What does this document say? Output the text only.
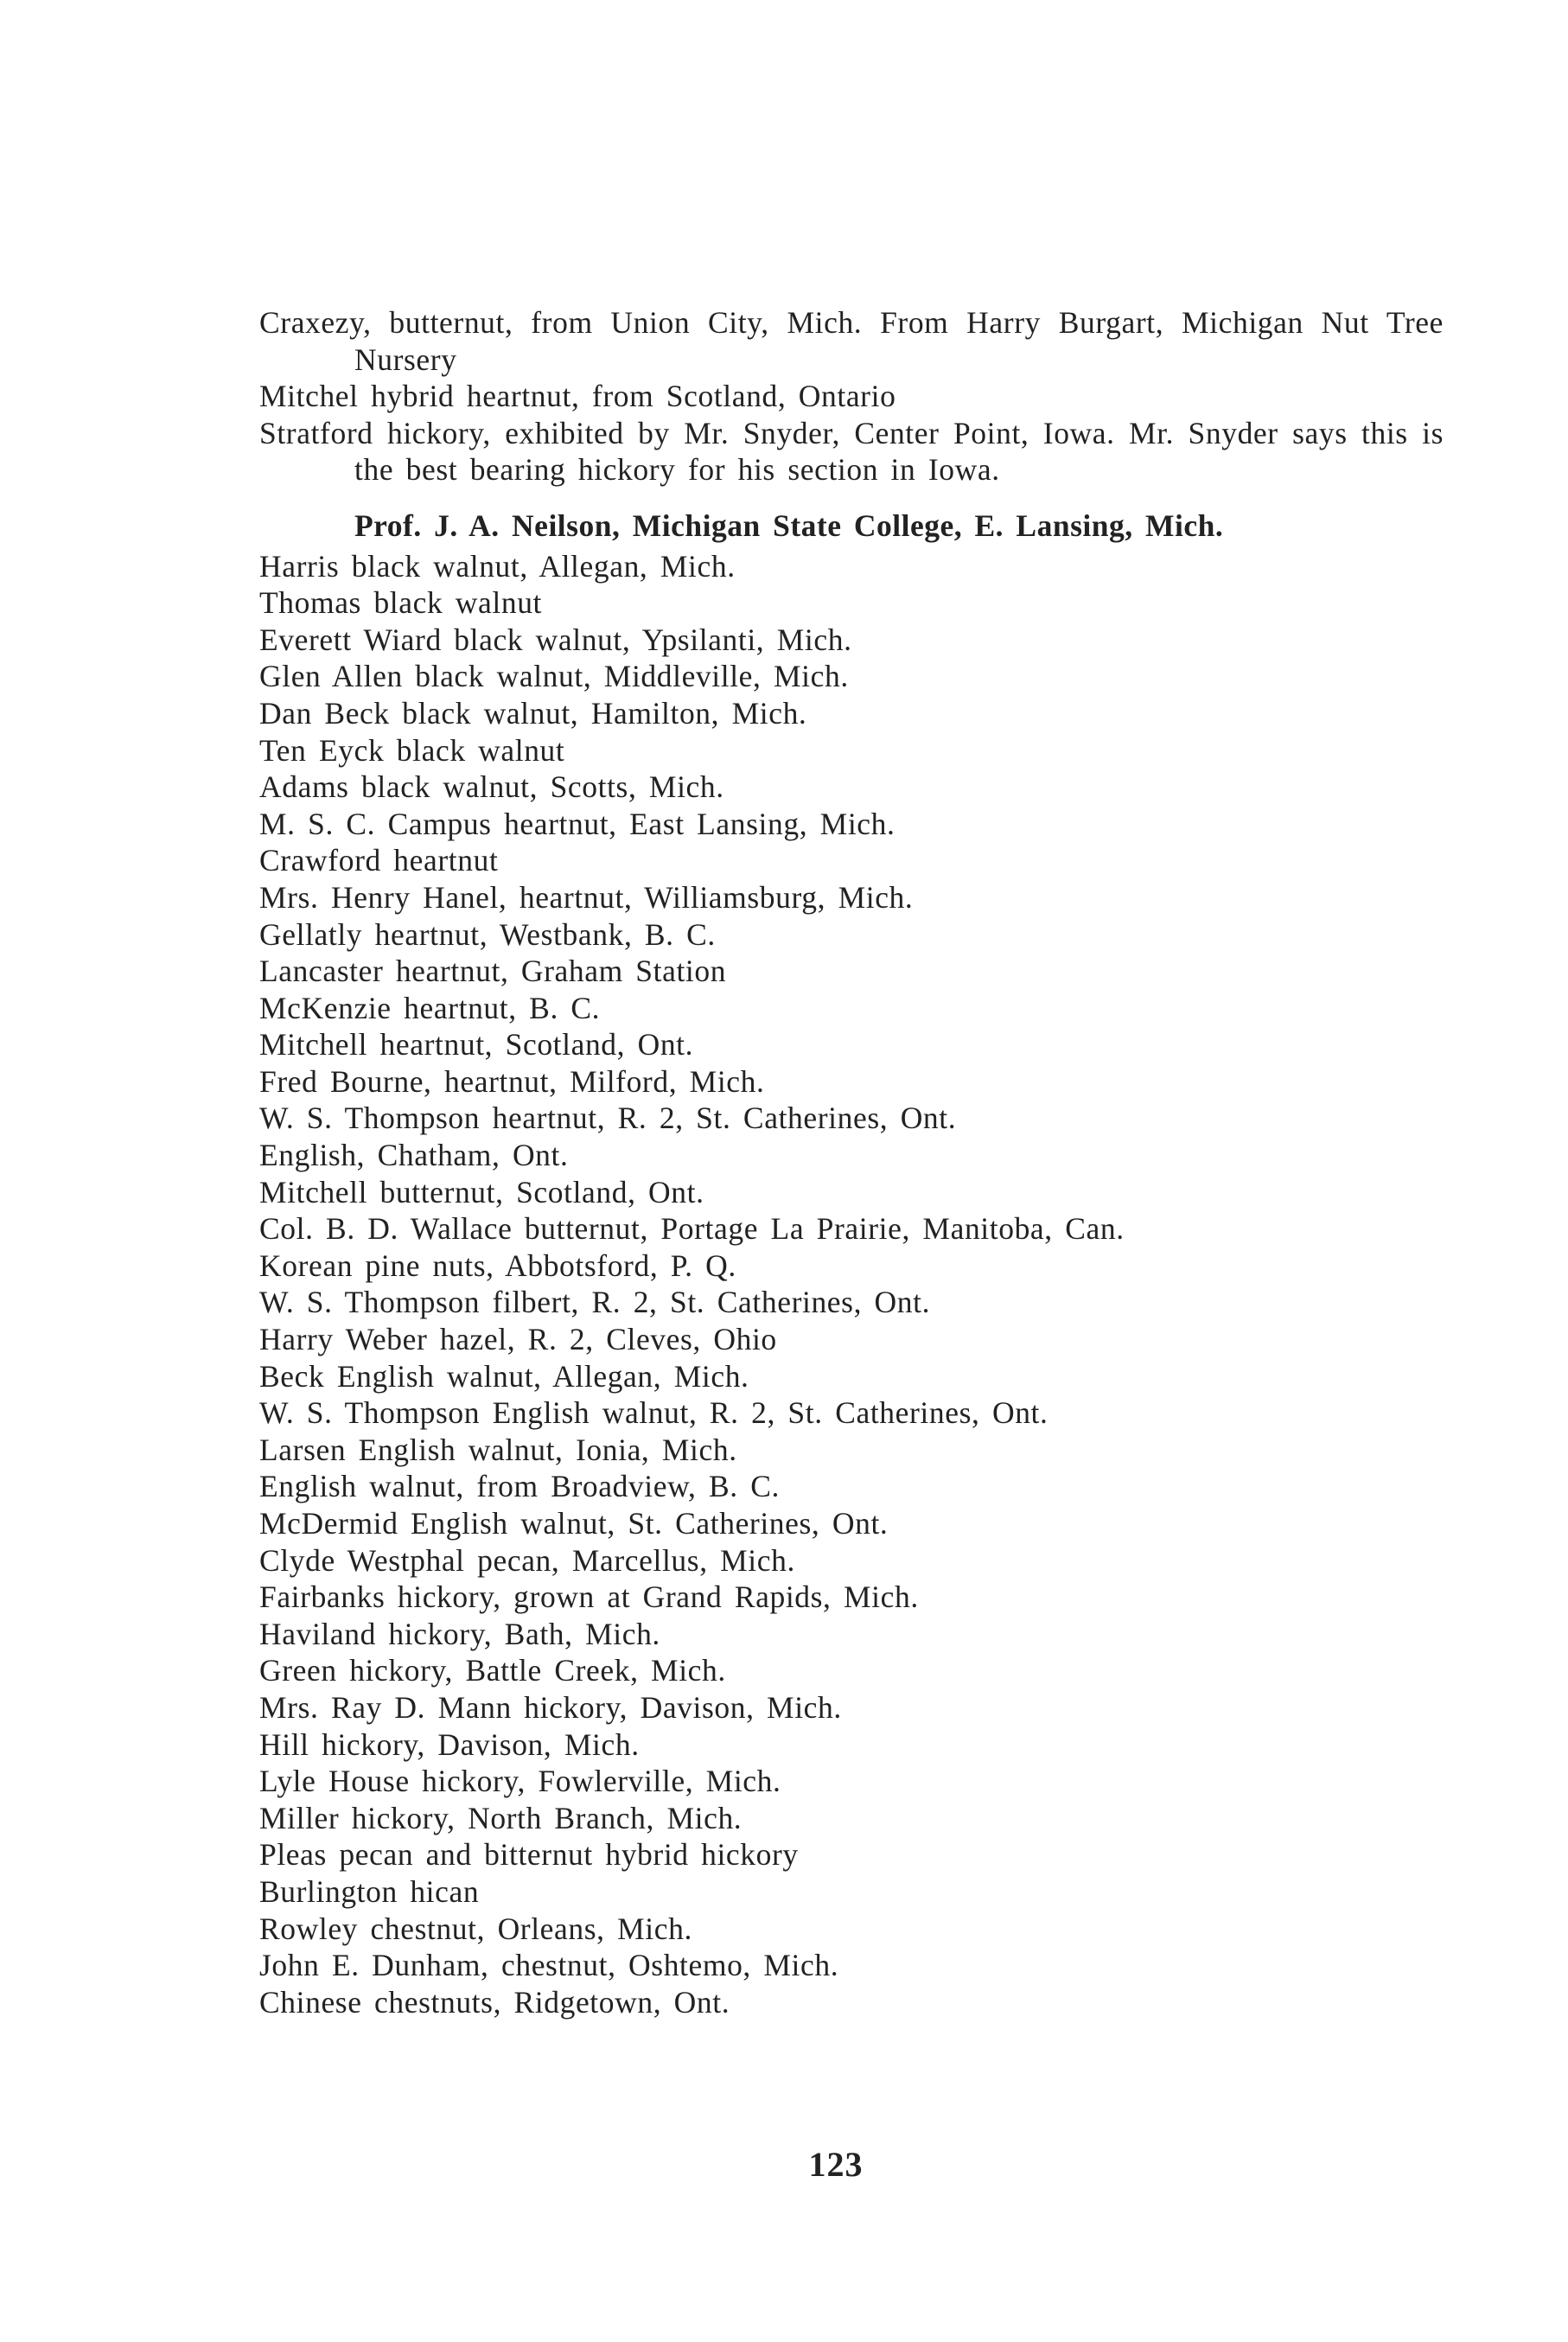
Craxezy, butternut, from Union City, Mich. From Harry Burgart, Michigan Nut Tree Nursery

Mitchel hybrid heartnut, from Scotland, Ontario

Stratford hickory, exhibited by Mr. Snyder, Center Point, Iowa. Mr. Snyder says this is the best bearing hickory for his section in Iowa.

Prof. J. A. Neilson, Michigan State College, E. Lansing, Mich.
Harris black walnut, Allegan, Mich.
Thomas black walnut
Everett Wiard black walnut, Ypsilanti, Mich.
Glen Allen black walnut, Middleville, Mich.
Dan Beck black walnut, Hamilton, Mich.
Ten Eyck black walnut
Adams black walnut, Scotts, Mich.
M. S. C. Campus heartnut, East Lansing, Mich.
Crawford heartnut
Mrs. Henry Hanel, heartnut, Williamsburg, Mich.
Gellatly heartnut, Westbank, B. C.
Lancaster heartnut, Graham Station
McKenzie heartnut, B. C.
Mitchell heartnut, Scotland, Ont.
Fred Bourne, heartnut, Milford, Mich.
W. S. Thompson heartnut, R. 2, St. Catherines, Ont.
English, Chatham, Ont.
Mitchell butternut, Scotland, Ont.
Col. B. D. Wallace butternut, Portage La Prairie, Manitoba, Can.
Korean pine nuts, Abbotsford, P. Q.
W. S. Thompson filbert, R. 2, St. Catherines, Ont.
Harry Weber hazel, R. 2, Cleves, Ohio
Beck English walnut, Allegan, Mich.
W. S. Thompson English walnut, R. 2, St. Catherines, Ont.
Larsen English walnut, Ionia, Mich.
English walnut, from Broadview, B. C.
McDermid English walnut, St. Catherines, Ont.
Clyde Westphal pecan, Marcellus, Mich.
Fairbanks hickory, grown at Grand Rapids, Mich.
Haviland hickory, Bath, Mich.
Green hickory, Battle Creek, Mich.
Mrs. Ray D. Mann hickory, Davison, Mich.
Hill hickory, Davison, Mich.
Lyle House hickory, Fowlerville, Mich.
Miller hickory, North Branch, Mich.
Pleas pecan and bitternut hybrid hickory
Burlington hican
Rowley chestnut, Orleans, Mich.
John E. Dunham, chestnut, Oshtemo, Mich.
Chinese chestnuts, Ridgetown, Ont.
123
